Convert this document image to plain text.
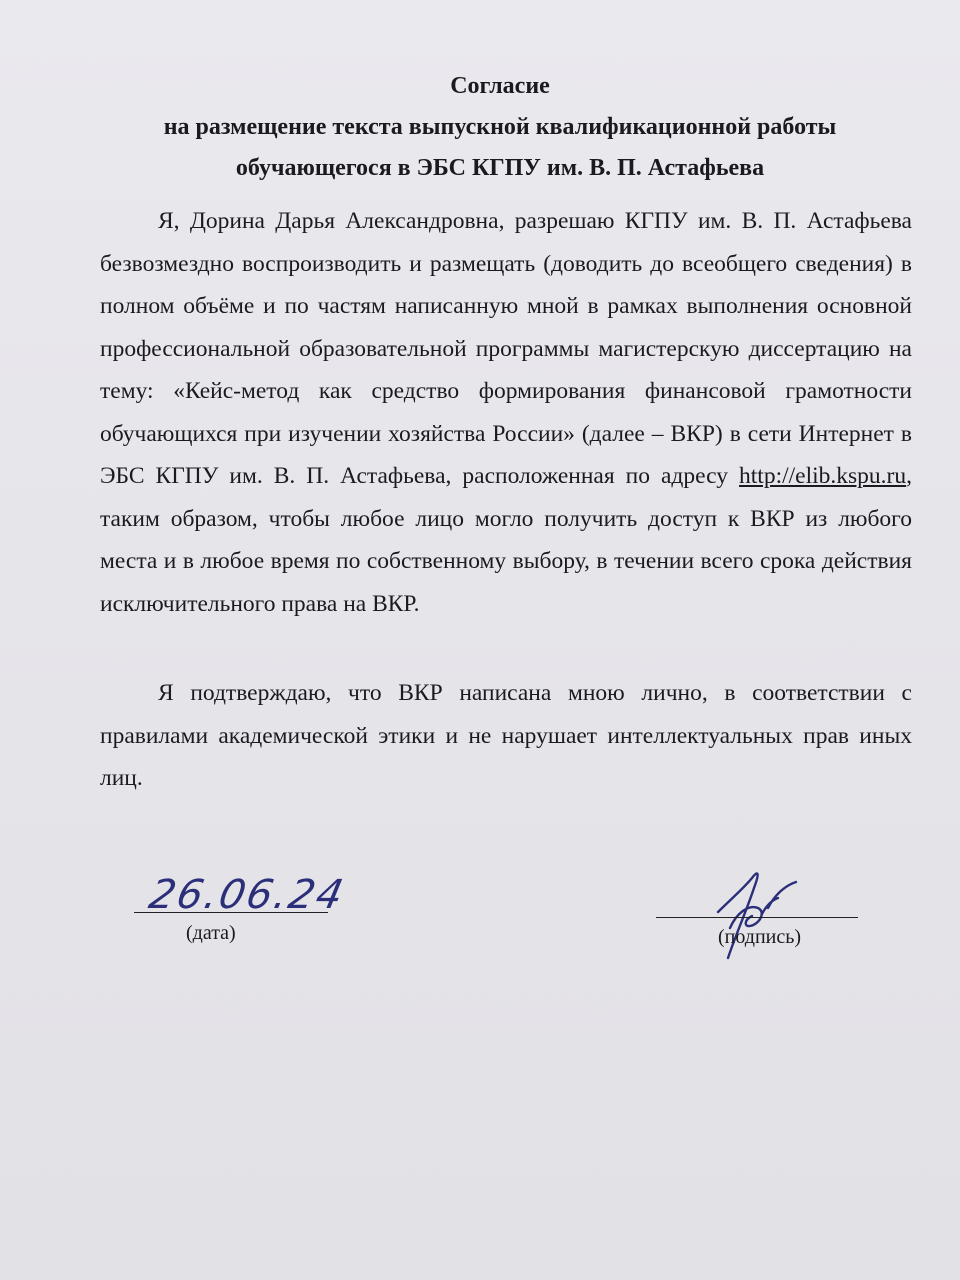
Согласие

на размещение текста выпускной квалификационной работы

обучающегося в ЭБС КГПУ им. В. П. Астафьева

Я, Дорина Дарья Александровна, разрешаю КГПУ им. В. П. Астафьева безвозмездно воспроизводить и размещать (доводить до всеобщего сведения) в полном объёме и по частям написанную мной в рамках выполнения основной профессиональной образовательной программы магистерскую диссертацию на тему: «Кейс-метод как средство формирования финансовой грамотности обучающихся при изучении хозяйства России» (далее – ВКР) в сети Интернет в ЭБС КГПУ им. В. П. Астафьева, расположенная по адресу http://elib.kspu.ru, таким образом, чтобы любое лицо могло получить доступ к ВКР из любого места и в любое время по собственному выбору, в течении всего срока действия исключительного права на ВКР.

Я подтверждаю, что ВКР написана мною лично, в соответствии с правилами академической этики и не нарушает интеллектуальных прав иных лиц.

26.06.24
(дата)	(подпись)
